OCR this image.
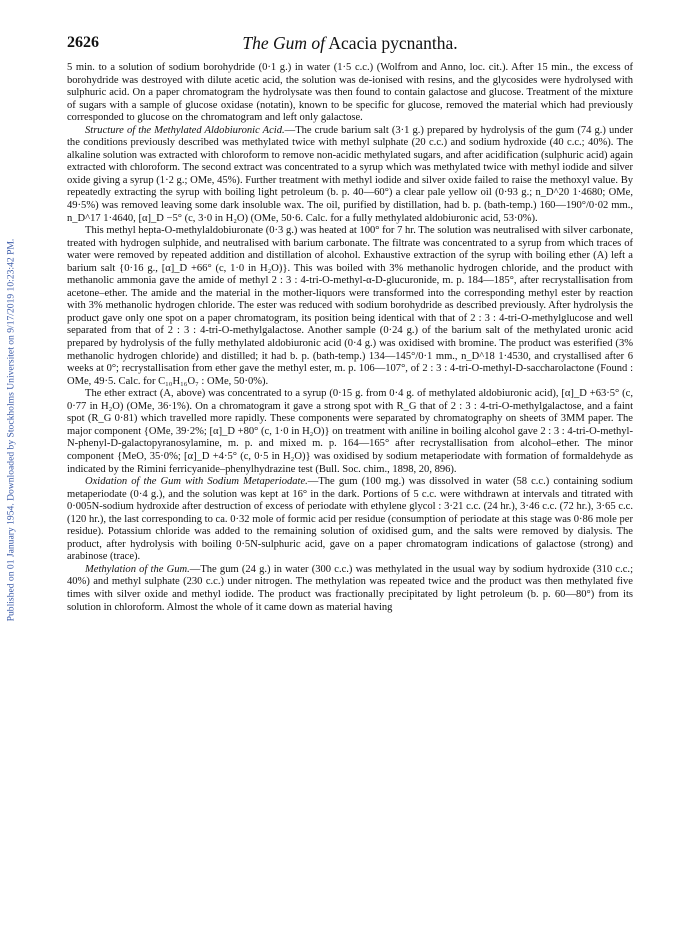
2626	The Gum of Acacia pycnantha.
Published on 01 January 1954. Downloaded by Stockholms Universitet on 9/17/2019 10:23:42 PM.

5 min. to a solution of sodium borohydride (0·1 g.) in water (1·5 c.c.) (Wolfrom and Anno, loc. cit.). After 15 min., the excess of borohydride was destroyed with dilute acetic acid, the solution was de-ionised with resins, and the glycosides were hydrolysed with sulphuric acid. On a paper chromatogram the hydrolysate was then found to contain galactose and glucose. Treatment of the mixture of sugars with a sample of glucose oxidase (notatin), known to be specific for glucose, removed the material which had previously corresponded to glucose on the chromatogram and left only galactose.

Structure of the Methylated Aldobiuronic Acid.—The crude barium salt (3·1 g.) prepared by hydrolysis of the gum (74 g.) under the conditions previously described was methylated twice with methyl sulphate (20 c.c.) and sodium hydroxide (40 c.c.; 40%). The alkaline solution was extracted with chloroform to remove non-acidic methylated sugars, and after acidification (sulphuric acid) again extracted with chloroform. The second extract was concentrated to a syrup which was methylated twice with methyl iodide and silver oxide giving a syrup (1·2 g.; OMe, 45%). Further treatment with methyl iodide and silver oxide failed to raise the methoxyl value. By repeatedly extracting the syrup with boiling light petroleum (b. p. 40—60°) a clear pale yellow oil (0·93 g.; n_D^20 1·4680; OMe, 49·5%) was removed leaving some dark insoluble wax. The oil, purified by distillation, had b. p. (bath-temp.) 160—190°/0·02 mm., n_D^17 1·4640, [α]_D −5° (c, 3·0 in H₂O) (OMe, 50·6. Calc. for a fully methylated aldobiuronic acid, 53·0%).

This methyl hepta-O-methylaldobiuronate (0·3 g.) was heated at 100° for 7 hr. The solution was neutralised with silver carbonate, treated with hydrogen sulphide, and neutralised with barium carbonate. The filtrate was concentrated to a syrup from which traces of water were removed by repeated addition and distillation of alcohol. Exhaustive extraction of the syrup with boiling ether (A) left a barium salt {0·16 g., [α]_D +66° (c, 1·0 in H₂O)}. This was boiled with 3% methanolic hydrogen chloride, and the product with methanolic ammonia gave the amide of methyl 2 : 3 : 4-tri-O-methyl-α-D-glucuronide, m. p. 184—185°, after recrystallisation from acetone–ether. The amide and the material in the mother-liquors were transformed into the corresponding methyl ester by reaction with 3% methanolic hydrogen chloride. The ester was reduced with sodium borohydride as described previously. After hydrolysis the product gave only one spot on a paper chromatogram, its position being identical with that of 2 : 3 : 4-tri-O-methylglucose and well separated from that of 2 : 3 : 4-tri-O-methylgalactose. Another sample (0·24 g.) of the barium salt of the methylated uronic acid prepared by hydrolysis of the fully methylated aldobiuronic acid (0·4 g.) was oxidised with bromine. The product was esterified (3% methanolic hydrogen chloride) and distilled; it had b. p. (bath-temp.) 134—145°/0·1 mm., n_D^18 1·4530, and crystallised after 6 weeks at 0°; recrystallisation from ether gave the methyl ester, m. p. 106—107°, of 2 : 3 : 4-tri-O-methyl-D-saccharolactone (Found : OMe, 49·5. Calc. for C₁₀H₁₆O₇ : OMe, 50·0%).

The ether extract (A, above) was concentrated to a syrup (0·15 g. from 0·4 g. of methylated aldobiuronic acid), [α]_D +63·5° (c, 0·77 in H₂O) (OMe, 36·1%). On a chromatogram it gave a strong spot with R_G that of 2 : 3 : 4-tri-O-methylgalactose, and a faint spot (R_G 0·81) which travelled more rapidly. These components were separated by chromatography on sheets of 3MM paper. The major component {OMe, 39·2%; [α]_D +80° (c, 1·0 in H₂O)} on treatment with aniline in boiling alcohol gave 2 : 3 : 4-tri-O-methyl-N-phenyl-D-galactopyranosylamine, m. p. and mixed m. p. 164—165° after recrystallisation from alcohol–ether. The minor component {MeO, 35·0%; [α]_D +4·5° (c, 0·5 in H₂O)} was oxidised by sodium metaperiodate with formation of formaldehyde as indicated by the Rimini ferricyanide–phenylhydrazine test (Bull. Soc. chim., 1898, 20, 896).

Oxidation of the Gum with Sodium Metaperiodate.—The gum (100 mg.) was dissolved in water (58 c.c.) containing sodium metaperiodate (0·4 g.), and the solution was kept at 16° in the dark. Portions of 5 c.c. were withdrawn at intervals and titrated with 0·005N-sodium hydroxide after destruction of excess of periodate with ethylene glycol : 3·21 c.c. (24 hr.), 3·46 c.c. (72 hr.), 3·65 c.c. (120 hr.), the last corresponding to ca. 0·32 mole of formic acid per residue (consumption of periodate at this stage was 0·86 mole per residue). Potassium chloride was added to the remaining solution of oxidised gum, and the salts were removed by dialysis. The product, after hydrolysis with boiling 0·5N-sulphuric acid, gave on a paper chromatogram indications of galactose (strong) and arabinose (trace).

Methylation of the Gum.—The gum (24 g.) in water (300 c.c.) was methylated in the usual way by sodium hydroxide (310 c.c.; 40%) and methyl sulphate (230 c.c.) under nitrogen. The methylation was repeated twice and the product was then methylated five times with silver oxide and methyl iodide. The product was fractionally precipitated by light petroleum (b. p. 60—80°) from its solution in chloroform. Almost the whole of it came down as material having
